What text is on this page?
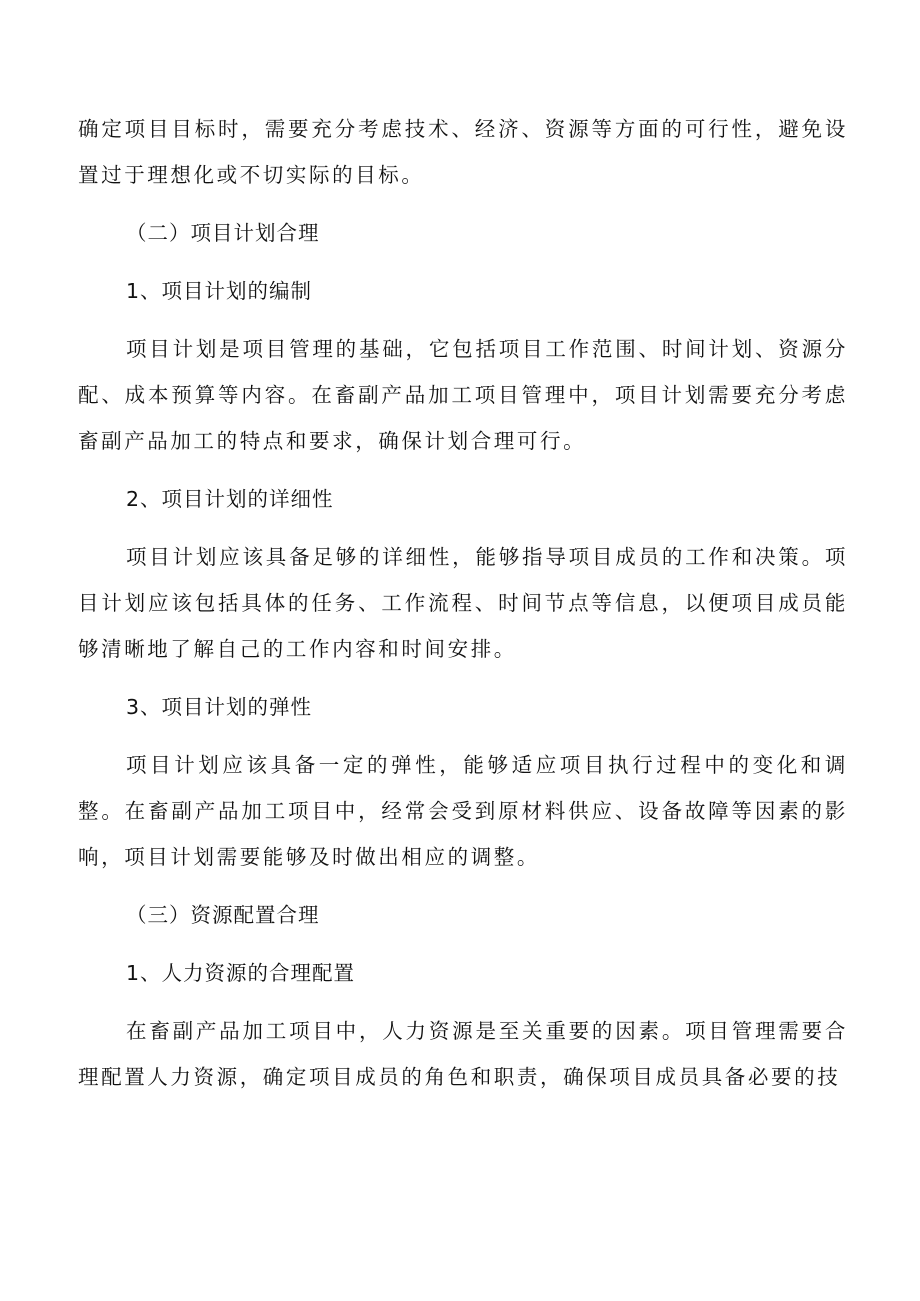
确定项目目标时，需要充分考虑技术、经济、资源等方面的可行性，避免设置过于理想化或不切实际的目标。

（二）项目计划合理

1、项目计划的编制

项目计划是项目管理的基础，它包括项目工作范围、时间计划、资源分配、成本预算等内容。在畜副产品加工项目管理中，项目计划需要充分考虑畜副产品加工的特点和要求，确保计划合理可行。

2、项目计划的详细性

项目计划应该具备足够的详细性，能够指导项目成员的工作和决策。项目计划应该包括具体的任务、工作流程、时间节点等信息，以便项目成员能够清晰地了解自己的工作内容和时间安排。

3、项目计划的弹性

项目计划应该具备一定的弹性，能够适应项目执行过程中的变化和调整。在畜副产品加工项目中，经常会受到原材料供应、设备故障等因素的影响，项目计划需要能够及时做出相应的调整。

（三）资源配置合理

1、人力资源的合理配置

在畜副产品加工项目中，人力资源是至关重要的因素。项目管理需要合理配置人力资源，确定项目成员的角色和职责，确保项目成员具备必要的技
